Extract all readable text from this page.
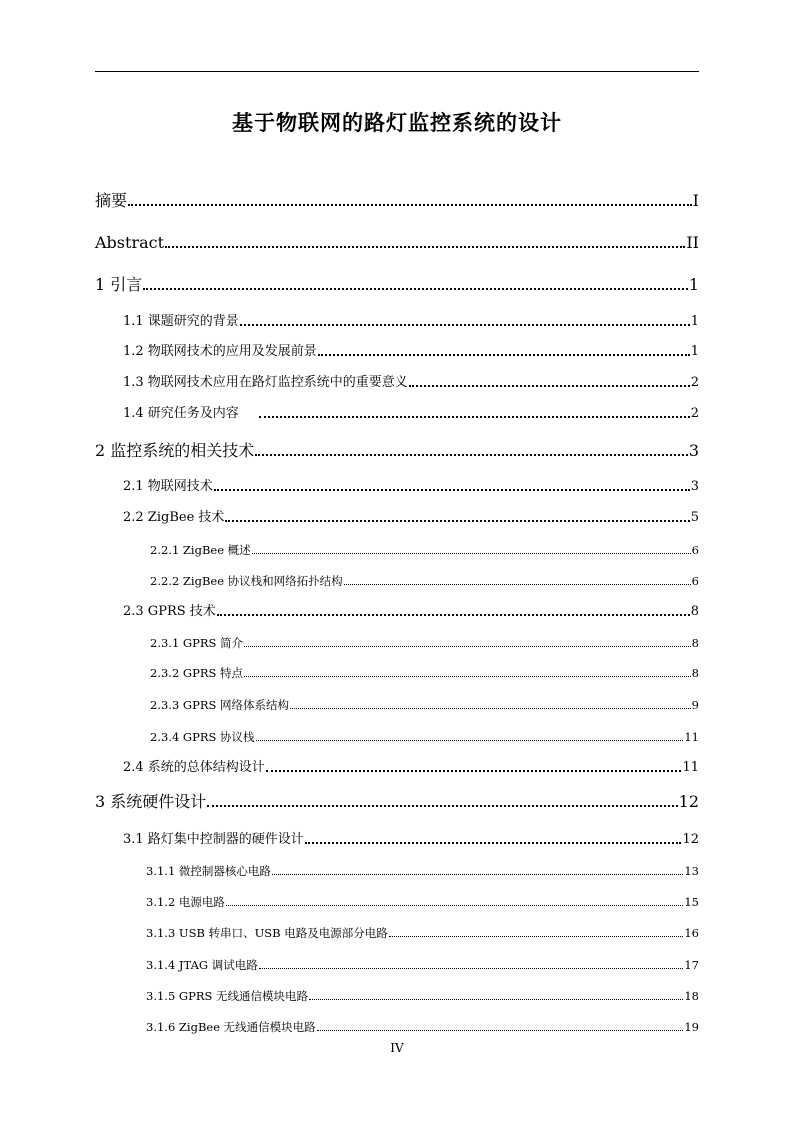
基于物联网的路灯监控系统的设计
摘要	I
Abstract	II
1 引言	1
1.1 课题研究的背景	1
1.2 物联网技术的应用及发展前景	1
1.3 物联网技术应用在路灯监控系统中的重要意义	2
1.4 研究任务及内容	2
2 监控系统的相关技术	3
2.1 物联网技术	3
2.2 ZigBee 技术	5
2.2.1 ZigBee 概述	6
2.2.2 ZigBee 协议栈和网络拓扑结构	6
2.3 GPRS 技术	8
2.3.1 GPRS 简介	8
2.3.2 GPRS 特点	8
2.3.3 GPRS 网络体系结构	9
2.3.4 GPRS 协议栈	11
2.4 系统的总体结构设计	11
3 系统硬件设计	12
3.1 路灯集中控制器的硬件设计	12
3.1.1 微控制器核心电路	13
3.1.2 电源电路	15
3.1.3 USB 转串口、USB 电路及电源部分电路	16
3.1.4 JTAG 调试电路	17
3.1.5 GPRS 无线通信模块电路	18
3.1.6 ZigBee 无线通信模块电路	19
IV
